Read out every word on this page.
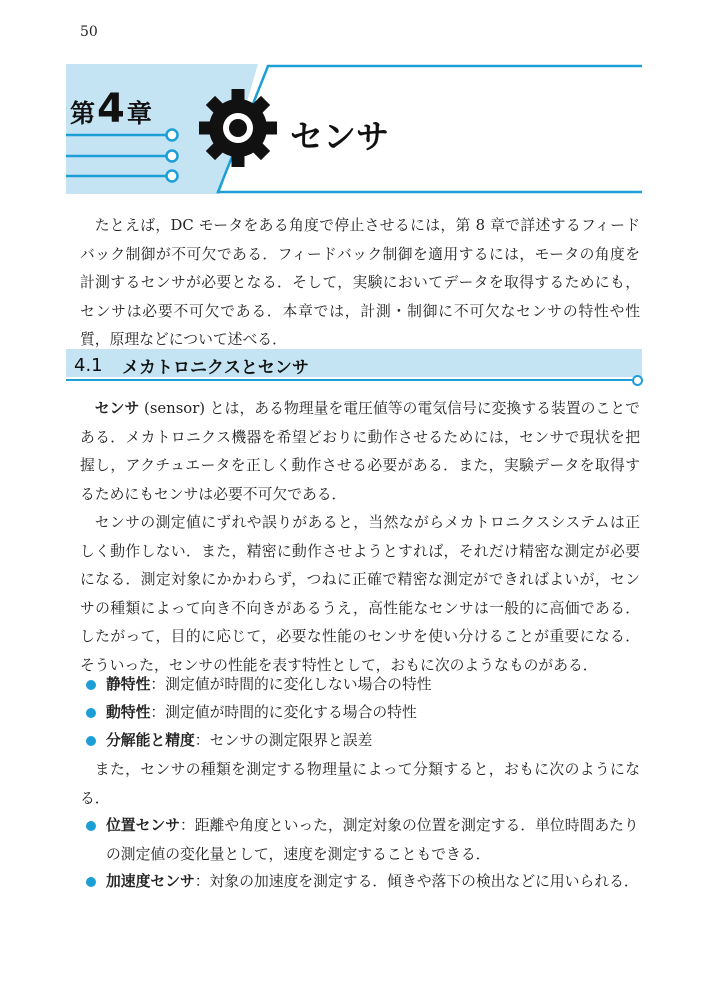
50
第4章
センサ

たとえば，DC モータをある角度で停止させるには，第 8 章で詳述するフィードバック制御が不可欠である．フィードバック制御を適用するには，モータの角度を計測するセンサが必要となる．そして，実験においてデータを取得するためにも，センサは必要不可欠である．本章では，計測・制御に不可欠なセンサの特性や性質，原理などについて述べる．

4.1 メカトロニクスとセンサ

センサ (sensor) とは，ある物理量を電圧値等の電気信号に変換する装置のことである．メカトロニクス機器を希望どおりに動作させるためには，センサで現状を把握し，アクチュエータを正しく動作させる必要がある．また，実験データを取得するためにもセンサは必要不可欠である．

センサの測定値にずれや誤りがあると，当然ながらメカトロニクスシステムは正しく動作しない．また，精密に動作させようとすれば，それだけ精密な測定が必要になる．測定対象にかかわらず，つねに正確で精密な測定ができればよいが，センサの種類によって向き不向きがあるうえ，高性能なセンサは一般的に高価である．したがって，目的に応じて，必要な性能のセンサを使い分けることが重要になる．そういった，センサの性能を表す特性として，おもに次のようなものがある．

静特性：測定値が時間的に変化しない場合の特性
動特性：測定値が時間的に変化する場合の特性
分解能と精度：センサの測定限界と誤差

また，センサの種類を測定する物理量によって分類すると，おもに次のようになる．

位置センサ：距離や角度といった，測定対象の位置を測定する．単位時間あたりの測定値の変化量として，速度を測定することもできる．
加速度センサ：対象の加速度を測定する．傾きや落下の検出などに用いられる．
